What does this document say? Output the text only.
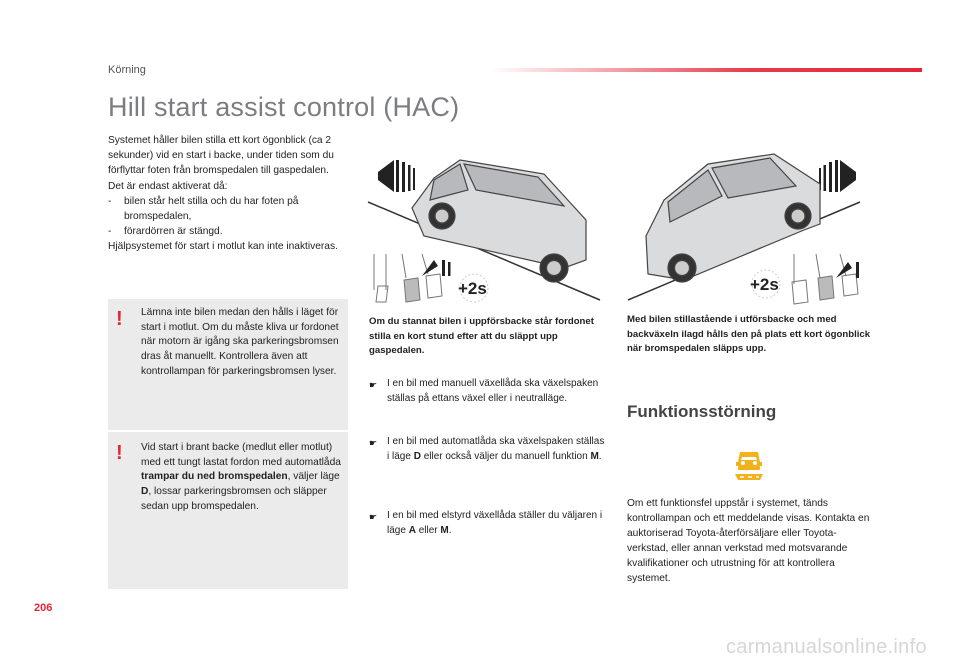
Körning
Hill start assist control (HAC)

Systemet håller bilen stilla ett kort ögonblick (ca 2 sekunder) vid en start i backe, under tiden som du förflyttar foten från bromspedalen till gaspedalen.

Det är endast aktiverat då:

-	bilen står helt stilla och du har foten på bromspedalen,
-	förardörren är stängd.

Hjälpsystemet för start i motlut kan inte inaktiveras.

! Lämna inte bilen medan den hålls i läget för start i motlut. Om du måste kliva ur fordonet när motorn är igång ska parkeringsbromsen dras åt manuellt. Kontrollera även att kontrollampan för parkeringsbromsen lyser.
! Vid start i brant backe (medlut eller motlut) med ett tungt lastat fordon med automatlåda trampar du ned bromspedalen, väljer läge D, lossar parkeringsbromsen och släpper sedan upp bromspedalen.
+2s	+2s
Om du stannat bilen i uppförsbacke står fordonet stilla en kort stund efter att du släppt upp gaspedalen.
☛ I en bil med manuell växellåda ska växelspaken ställas på ettans växel eller i neutralläge.
☛ I en bil med automatlåda ska växelspaken ställas i läge D eller också väljer du manuell funktion M.
☛ I en bil med elstyrd växellåda ställer du väljaren i läge A eller M.
Med bilen stillastående i utförsbacke och med backväxeln ilagd hålls den på plats ett kort ögonblick när bromspedalen släpps upp.
Funktionsstörning
Om ett funktionsfel uppstår i systemet, tänds kontrollampan och ett meddelande visas. Kontakta en auktoriserad Toyota-återförsäljare eller Toyota-verkstad, eller annan verkstad med motsvarande kvalifikationer och utrustning för att kontrollera systemet.
206
carmanualsonline.info
